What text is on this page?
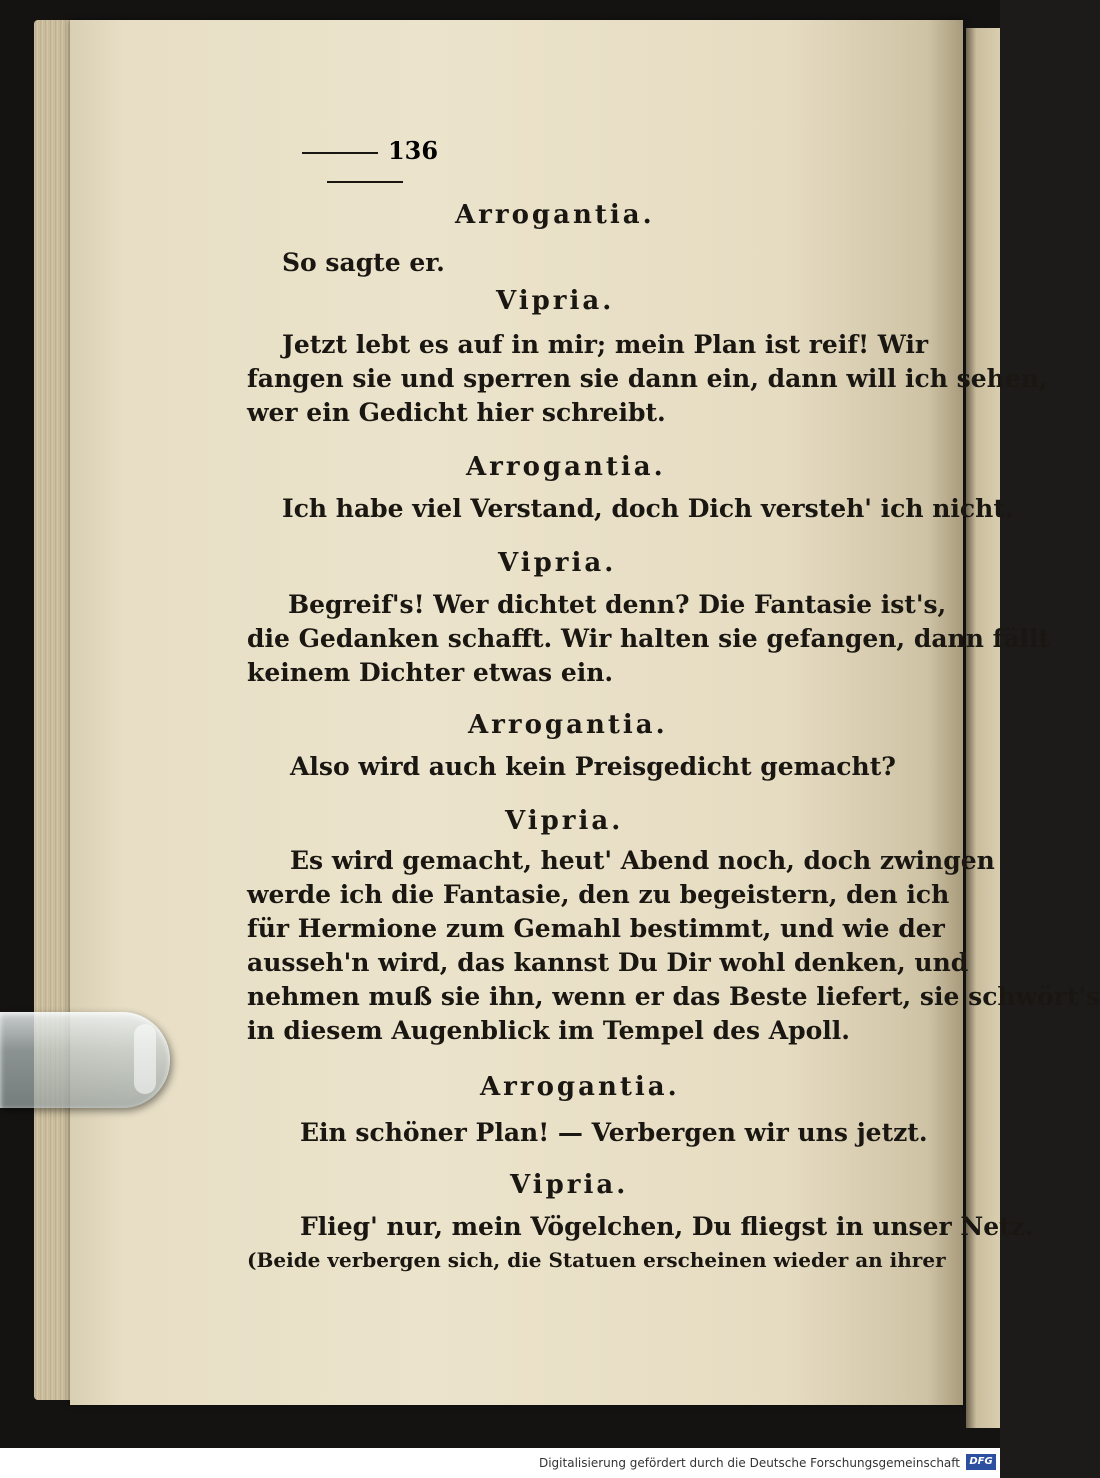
136
Arrogantia.
So sagte er.
Vipria.
Jetzt lebt es auf in mir; mein Plan ist reif! Wir
fangen sie und sperren sie dann ein, dann will ich sehen,
wer ein Gedicht hier schreibt.
Arrogantia.
Ich habe viel Verstand, doch Dich versteh' ich nicht.
Vipria.
Begreif's! Wer dichtet denn? Die Fantasie ist's,
die Gedanken schafft. Wir halten sie gefangen, dann fällt
keinem Dichter etwas ein.
Arrogantia.
Also wird auch kein Preisgedicht gemacht?
Vipria.
Es wird gemacht, heut' Abend noch, doch zwingen
werde ich die Fantasie, den zu begeistern, den ich
für Hermione zum Gemahl bestimmt, und wie der
ausseh'n wird, das kannst Du Dir wohl denken, und
nehmen muß sie ihn, wenn er das Beste liefert, sie schwört's
in diesem Augenblick im Tempel des Apoll.
Arrogantia.
Ein schöner Plan! — Verbergen wir uns jetzt.
Vipria.
Flieg' nur, mein Vögelchen, Du fliegst in unser Netz.
(Beide verbergen sich, die Statuen erscheinen wieder an ihrer
Digitalisierung gefördert durch die Deutsche Forschungsgemeinschaft DFG
